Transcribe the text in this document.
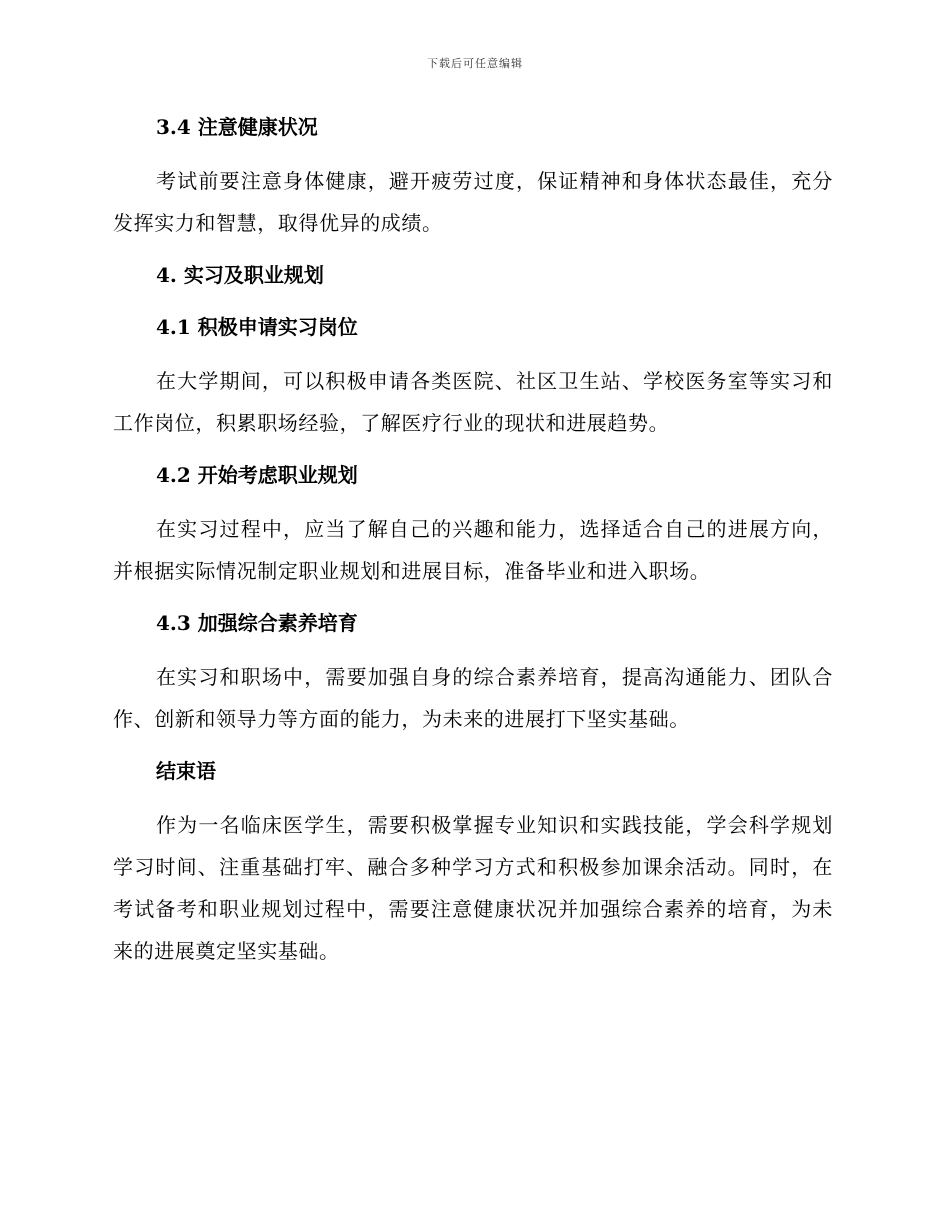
下载后可任意编辑
3.4 注意健康状况

考试前要注意身体健康，避开疲劳过度，保证精神和身体状态最佳，充分发挥实力和智慧，取得优异的成绩。

4. 实习及职业规划
4.1 积极申请实习岗位

在大学期间，可以积极申请各类医院、社区卫生站、学校医务室等实习和工作岗位，积累职场经验，了解医疗行业的现状和进展趋势。

4.2 开始考虑职业规划

在实习过程中，应当了解自己的兴趣和能力，选择适合自己的进展方向，并根据实际情况制定职业规划和进展目标，准备毕业和进入职场。

4.3 加强综合素养培育

在实习和职场中，需要加强自身的综合素养培育，提高沟通能力、团队合作、创新和领导力等方面的能力，为未来的进展打下坚实基础。

结束语

作为一名临床医学生，需要积极掌握专业知识和实践技能，学会科学规划学习时间、注重基础打牢、融合多种学习方式和积极参加课余活动。同时，在考试备考和职业规划过程中，需要注意健康状况并加强综合素养的培育，为未来的进展奠定坚实基础。
